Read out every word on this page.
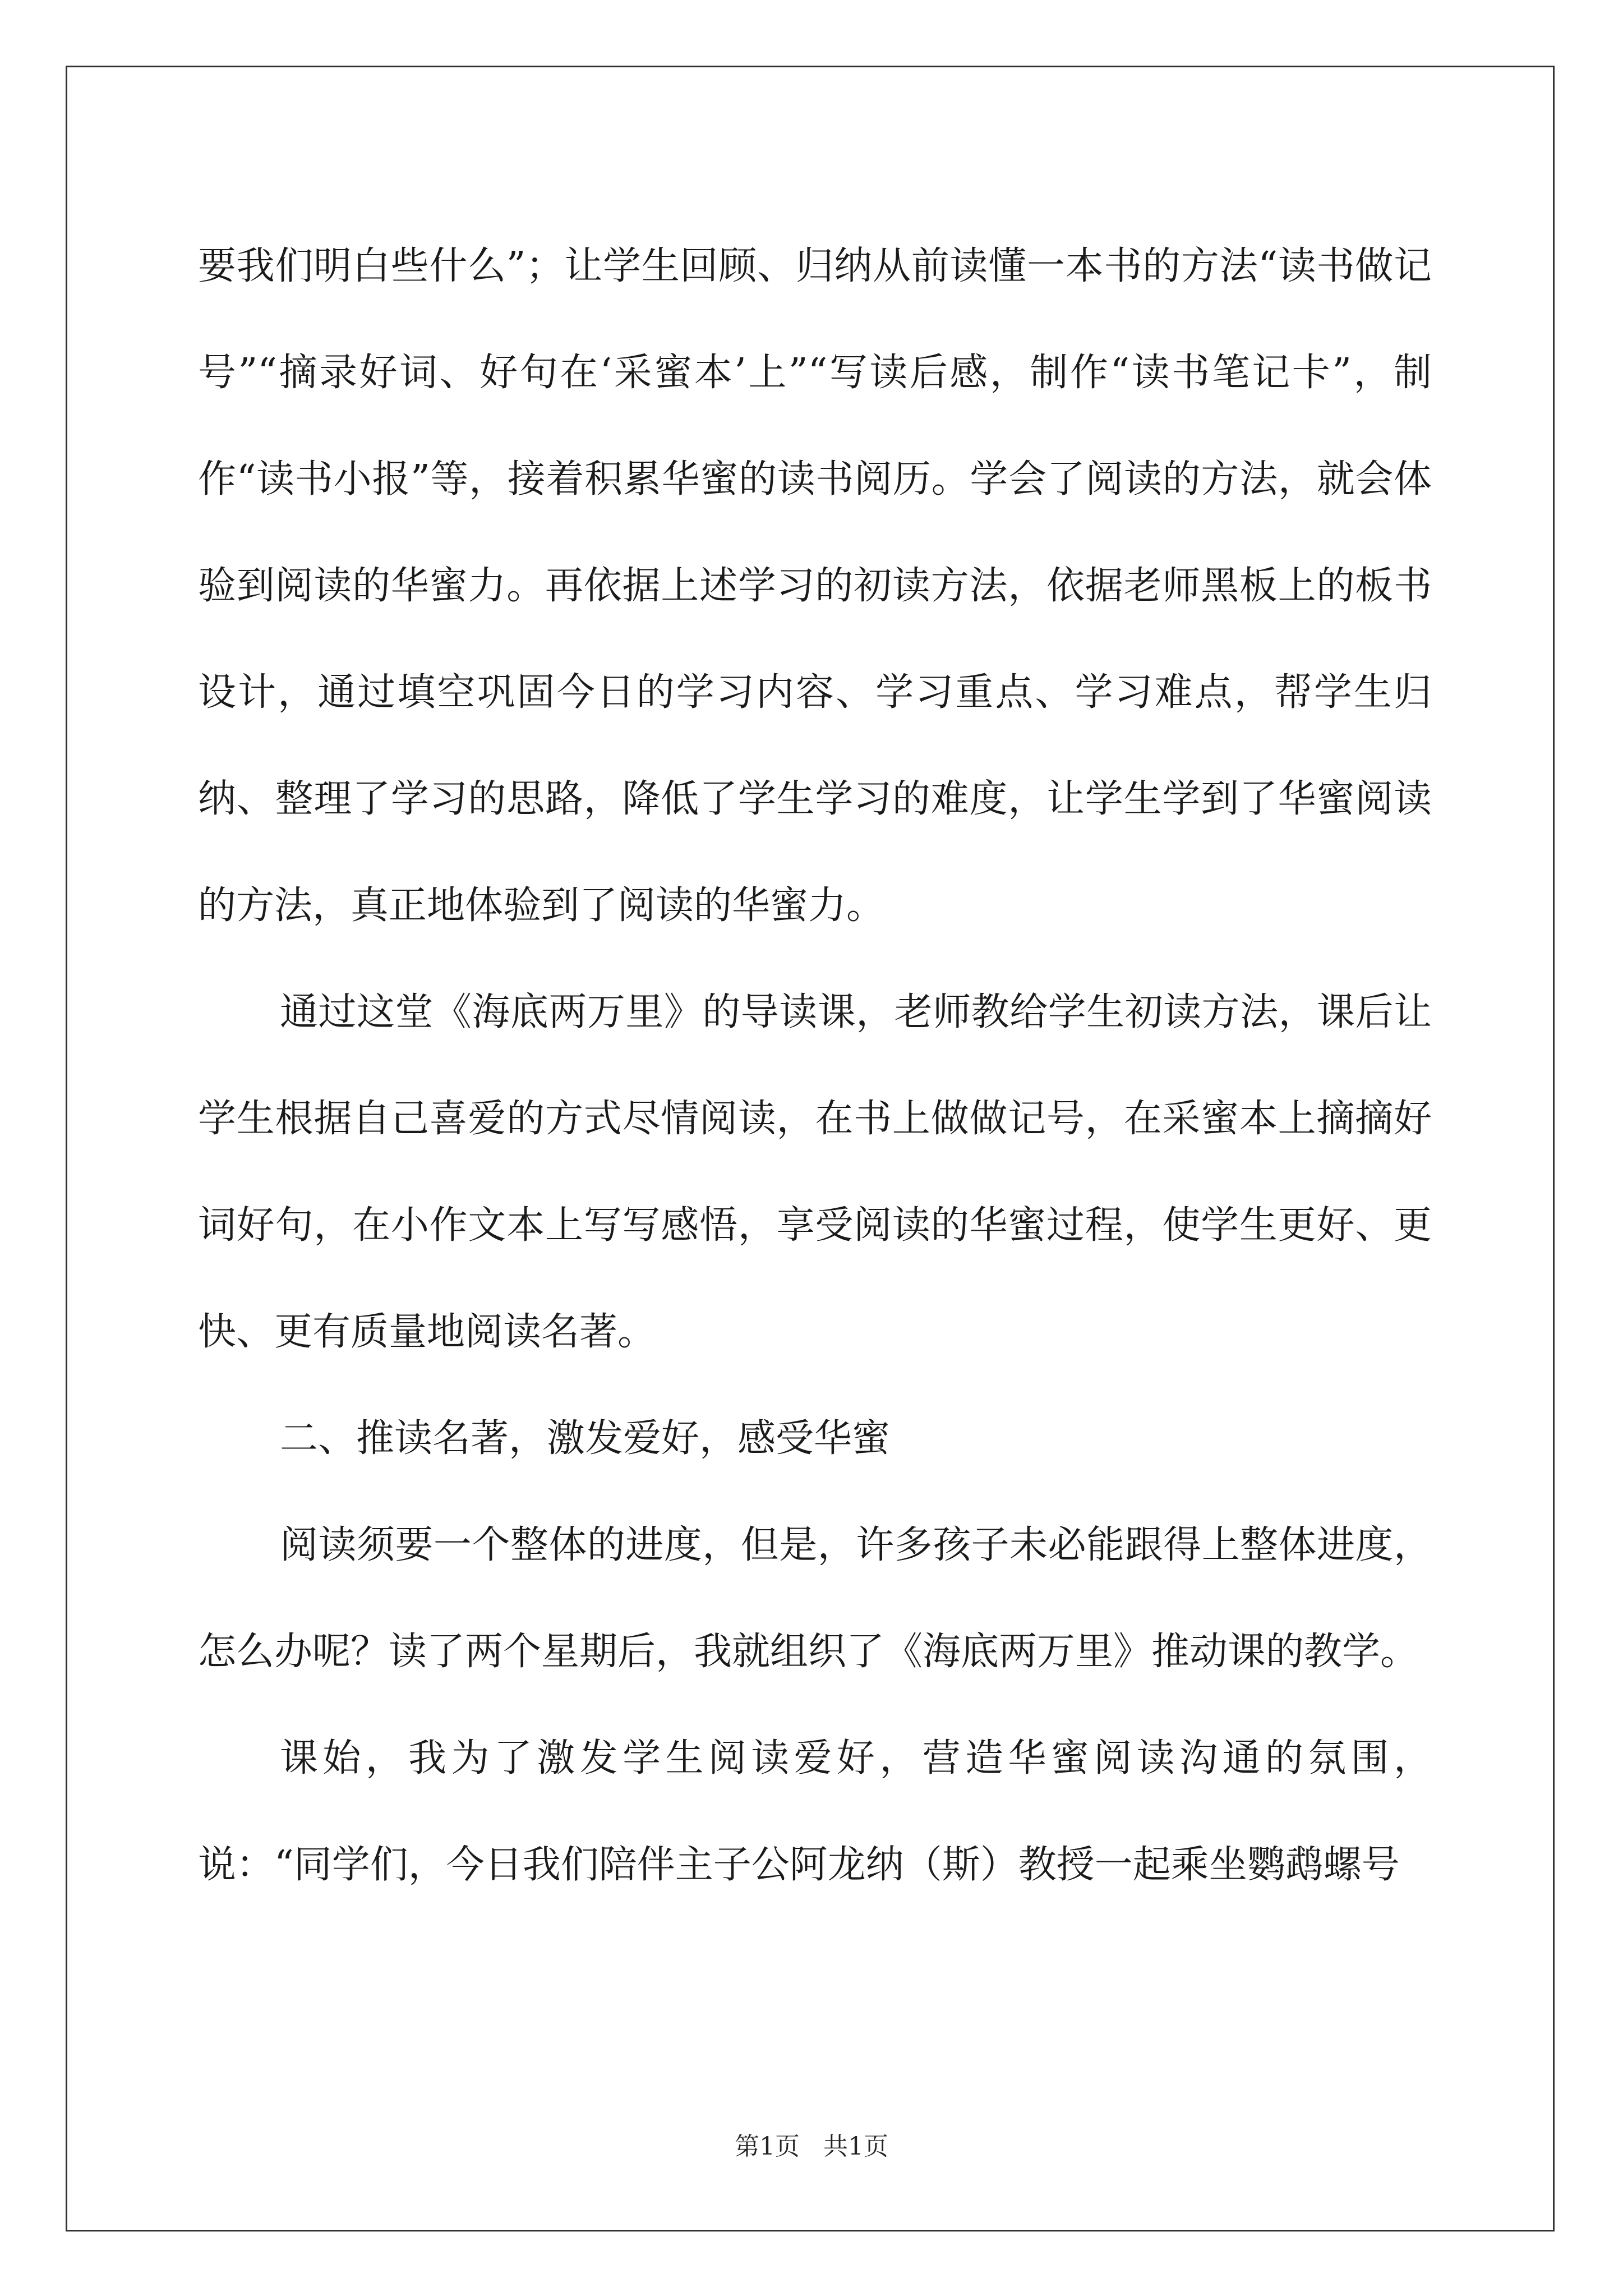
要我们明白些什么”；让学生回顾、归纳从前读懂一本书的方法“读书做记号”“摘录好词、好句在‘采蜜本’上”“写读后感，制作“读书笔记卡”，制作“读书小报”等，接着积累华蜜的读书阅历。学会了阅读的方法，就会体验到阅读的华蜜力。再依据上述学习的初读方法，依据老师黑板上的板书设计，通过填空巩固今日的学习内容、学习重点、学习难点，帮学生归纳、整理了学习的思路，降低了学生学习的难度，让学生学到了华蜜阅读的方法，真正地体验到了阅读的华蜜力。

通过这堂《海底两万里》的导读课，老师教给学生初读方法，课后让学生根据自己喜爱的方式尽情阅读，在书上做做记号，在采蜜本上摘摘好词好句，在小作文本上写写感悟，享受阅读的华蜜过程，使学生更好、更快、更有质量地阅读名著。

二、推读名著，激发爱好，感受华蜜

阅读须要一个整体的进度，但是，许多孩子未必能跟得上整体进度，怎么办呢？读了两个星期后，我就组织了《海底两万里》推动课的教学。

课始，我为了激发学生阅读爱好，营造华蜜阅读沟通的氛围，说：“同学们，今日我们陪伴主子公阿龙纳（斯）教授一起乘坐鹦鹉螺号

第1页   共1页
